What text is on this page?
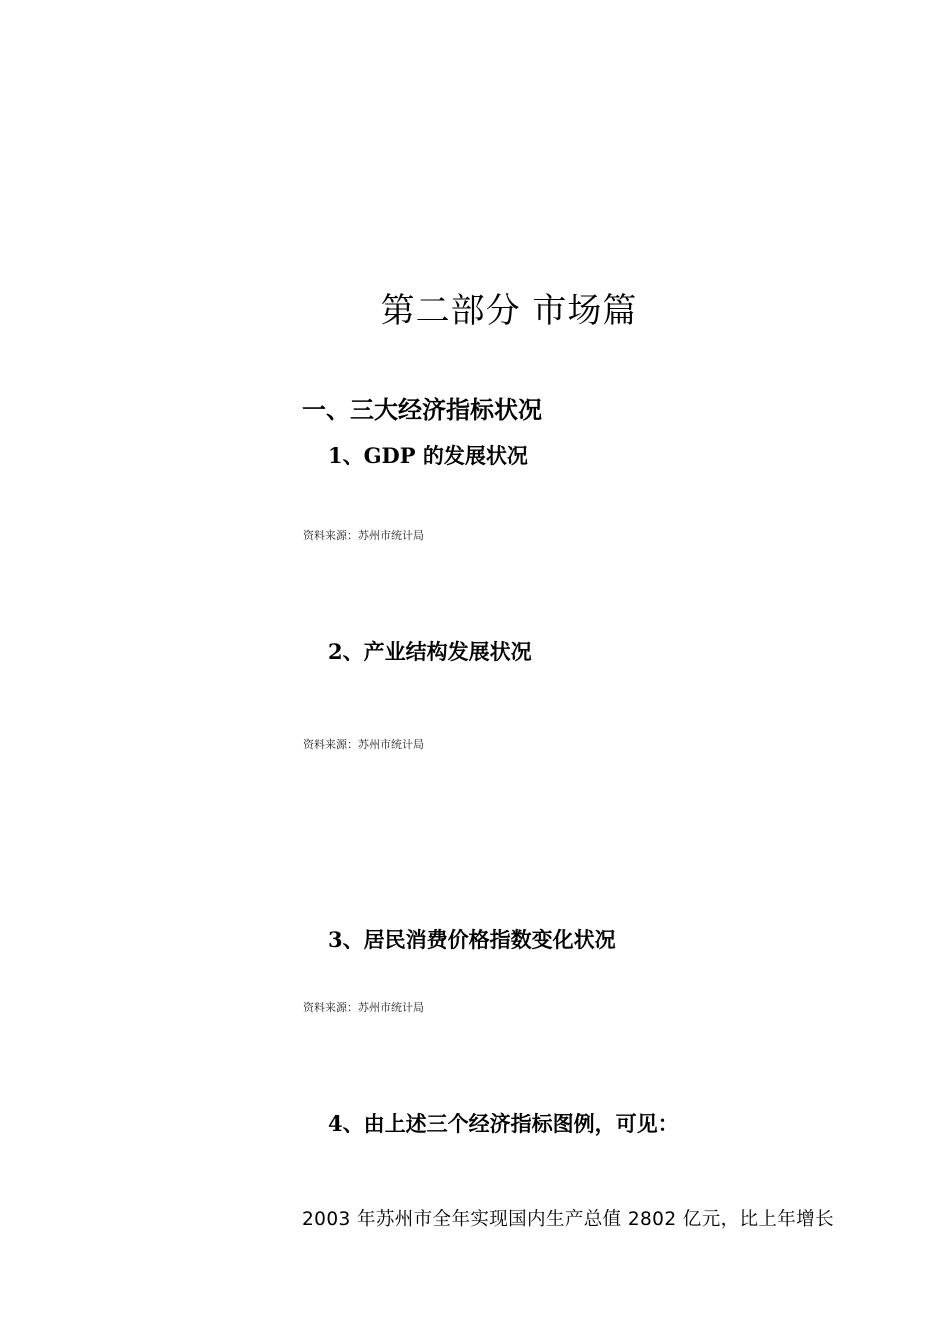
第二部分 市场篇
一、三大经济指标状况
1、GDP 的发展状况
资料来源：苏州市统计局
2、产业结构发展状况
资料来源：苏州市统计局
3、居民消费价格指数变化状况
资料来源：苏州市统计局
4、由上述三个经济指标图例，可见：
2003 年苏州市全年实现国内生产总值 2802 亿元，比上年增长
